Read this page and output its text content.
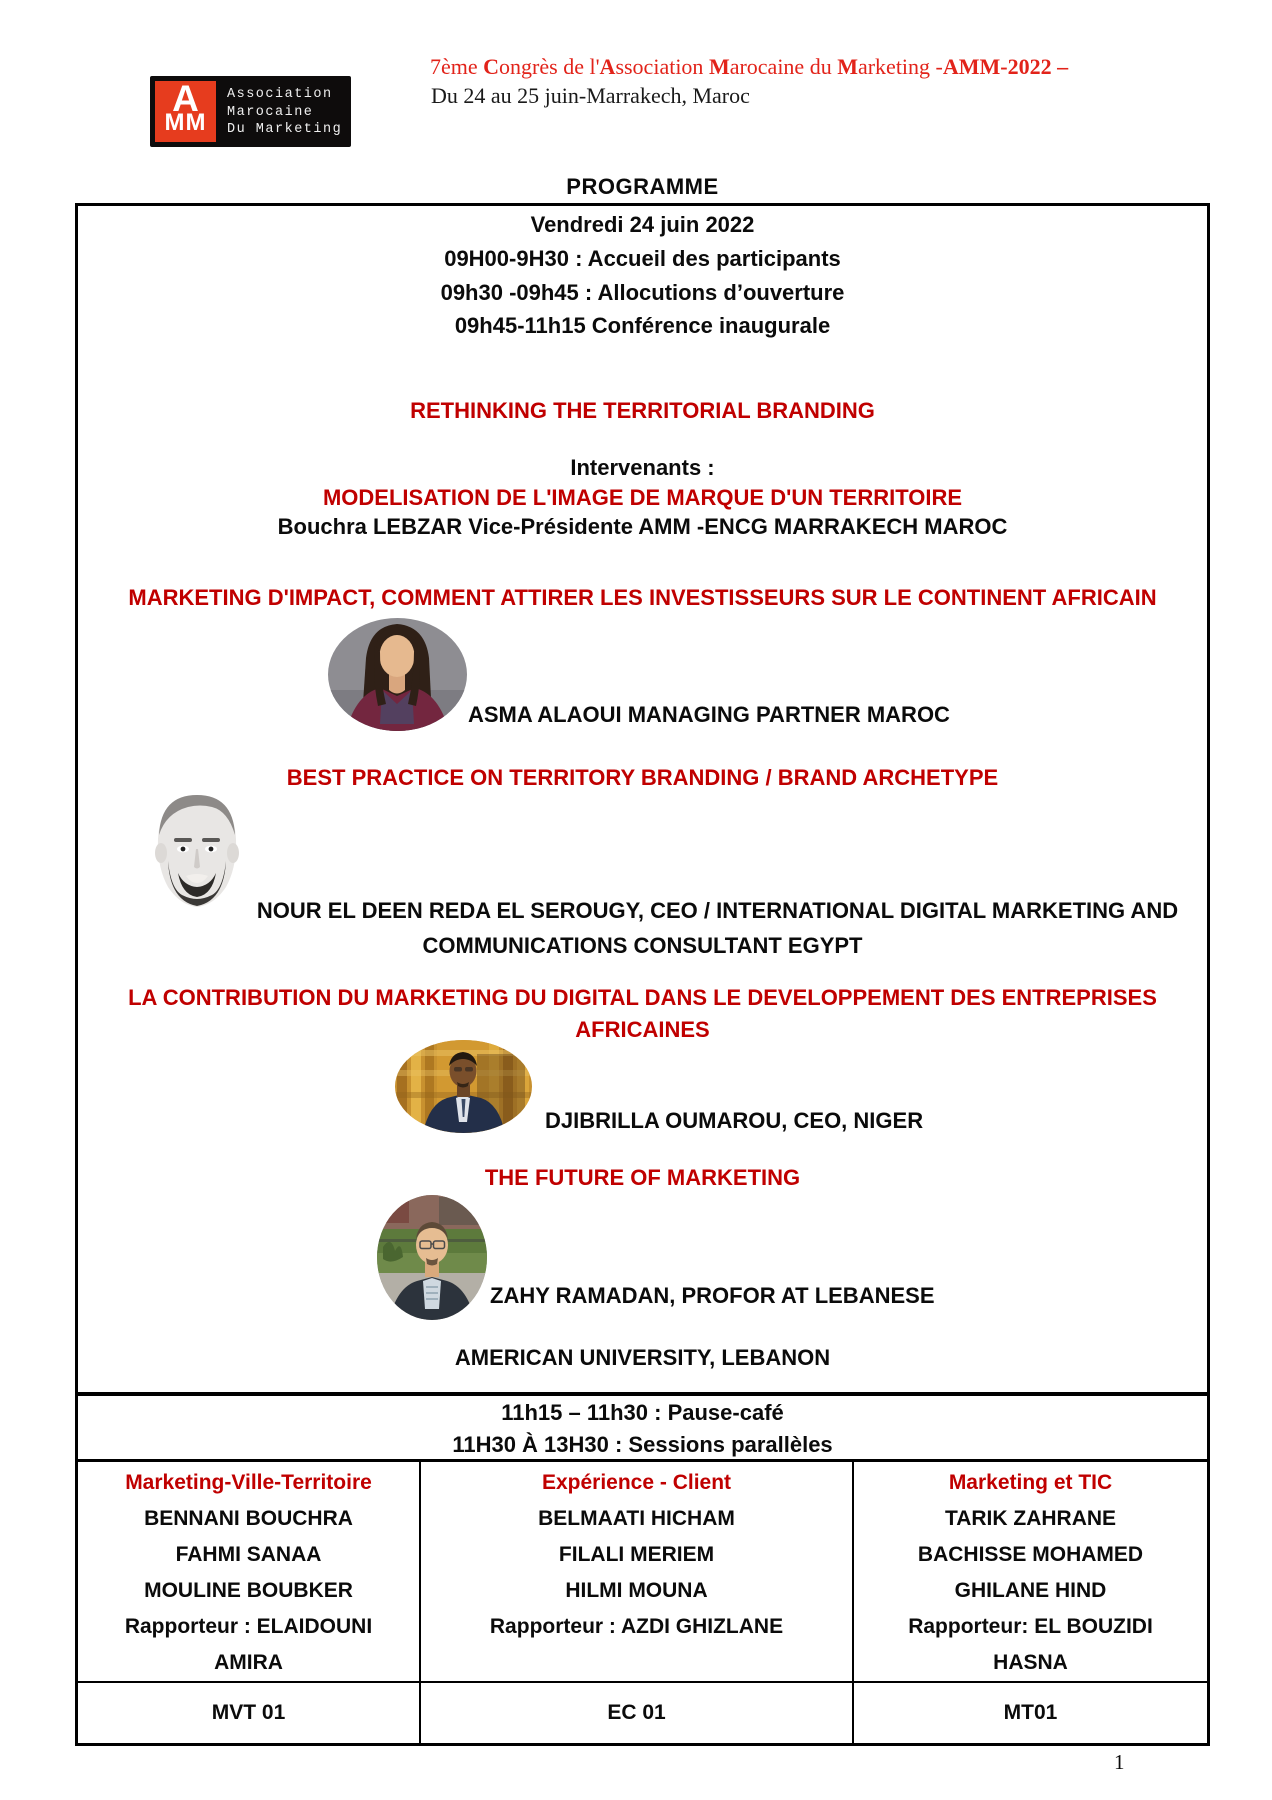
A
MM
Association
Marocaine
Du Marketing
7ème Congrès de l'Association Marocaine du Marketing -AMM-2022 –
Du 24 au 25 juin-Marrakech, Maroc
PROGRAMME
Vendredi 24 juin 2022
09H00-9H30 : Accueil des participants
09h30 -09h45 : Allocutions d’ouverture
09h45-11h15 Conférence inaugurale
RETHINKING THE TERRITORIAL BRANDING
Intervenants :
MODELISATION DE L'IMAGE DE MARQUE D'UN TERRITOIRE
Bouchra LEBZAR Vice-Présidente AMM -ENCG MARRAKECH MAROC
MARKETING D'IMPACT, COMMENT ATTIRER LES INVESTISSEURS SUR LE CONTINENT AFRICAIN
ASMA ALAOUI MANAGING PARTNER MAROC
BEST PRACTICE ON TERRITORY BRANDING / BRAND ARCHETYPE
NOUR EL DEEN REDA EL SEROUGY, CEO / INTERNATIONAL DIGITAL MARKETING AND
COMMUNICATIONS CONSULTANT EGYPT
LA CONTRIBUTION DU MARKETING DU DIGITAL DANS LE DEVELOPPEMENT DES ENTREPRISES
AFRICAINES
DJIBRILLA OUMAROU, CEO, NIGER
THE FUTURE OF MARKETING
ZAHY RAMADAN, PROFOR AT LEBANESE
AMERICAN UNIVERSITY, LEBANON
11h15 – 11h30 : Pause-café
11H30 À 13H30 : Sessions parallèles
Marketing-Ville-Territoire
BENNANI BOUCHRA
FAHMI SANAA
MOULINE BOUBKER
Rapporteur : ELAIDOUNI AMIRA
Expérience - Client
BELMAATI HICHAM
FILALI MERIEM
HILMI MOUNA
Rapporteur : AZDI GHIZLANE
Marketing et TIC
TARIK ZAHRANE
BACHISSE MOHAMED
GHILANE HIND
Rapporteur: EL BOUZIDI HASNA
MVT 01	EC 01	MT01
1
